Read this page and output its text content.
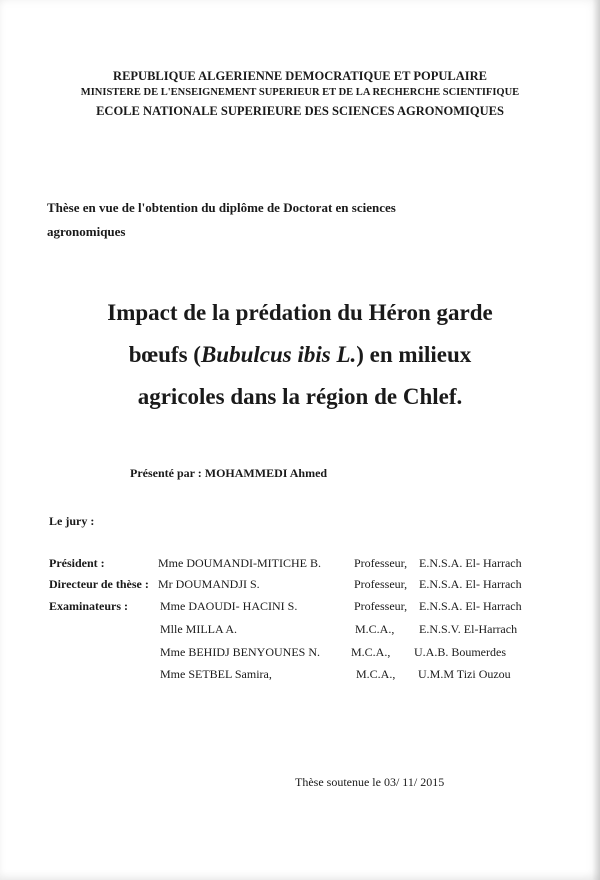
REPUBLIQUE ALGERIENNE DEMOCRATIQUE ET POPULAIRE
MINISTERE DE L'ENSEIGNEMENT SUPERIEUR ET DE LA RECHERCHE SCIENTIFIQUE
ECOLE NATIONALE SUPERIEURE DES SCIENCES AGRONOMIQUES
Thèse en vue de l'obtention du diplôme de Doctorat en sciences
agronomiques
Impact de la prédation du Héron garde
bœufs (Bubulcus ibis L.) en milieux
agricoles dans la région de Chlef.
Présenté par : MOHAMMEDI Ahmed
Le jury :
Président :	Mme DOUMANDI-MITICHE B.	Professeur, E.N.S.A. El- Harrach
Directeur de thèse : Mr DOUMANDJI S.	Professeur, E.N.S.A. El- Harrach
Examinateurs :	Mme DAOUDI- HACINI S.	Professeur, E.N.S.A. El- Harrach
Mlle MILLA A.	M.C.A., E.N.S.V. El-Harrach
Mme BEHIDJ BENYOUNES N.	M.C.A., U.A.B. Boumerdes
Mme SETBEL Samira,	M.C.A., U.M.M Tizi Ouzou
Thèse soutenue le 03/ 11/ 2015
